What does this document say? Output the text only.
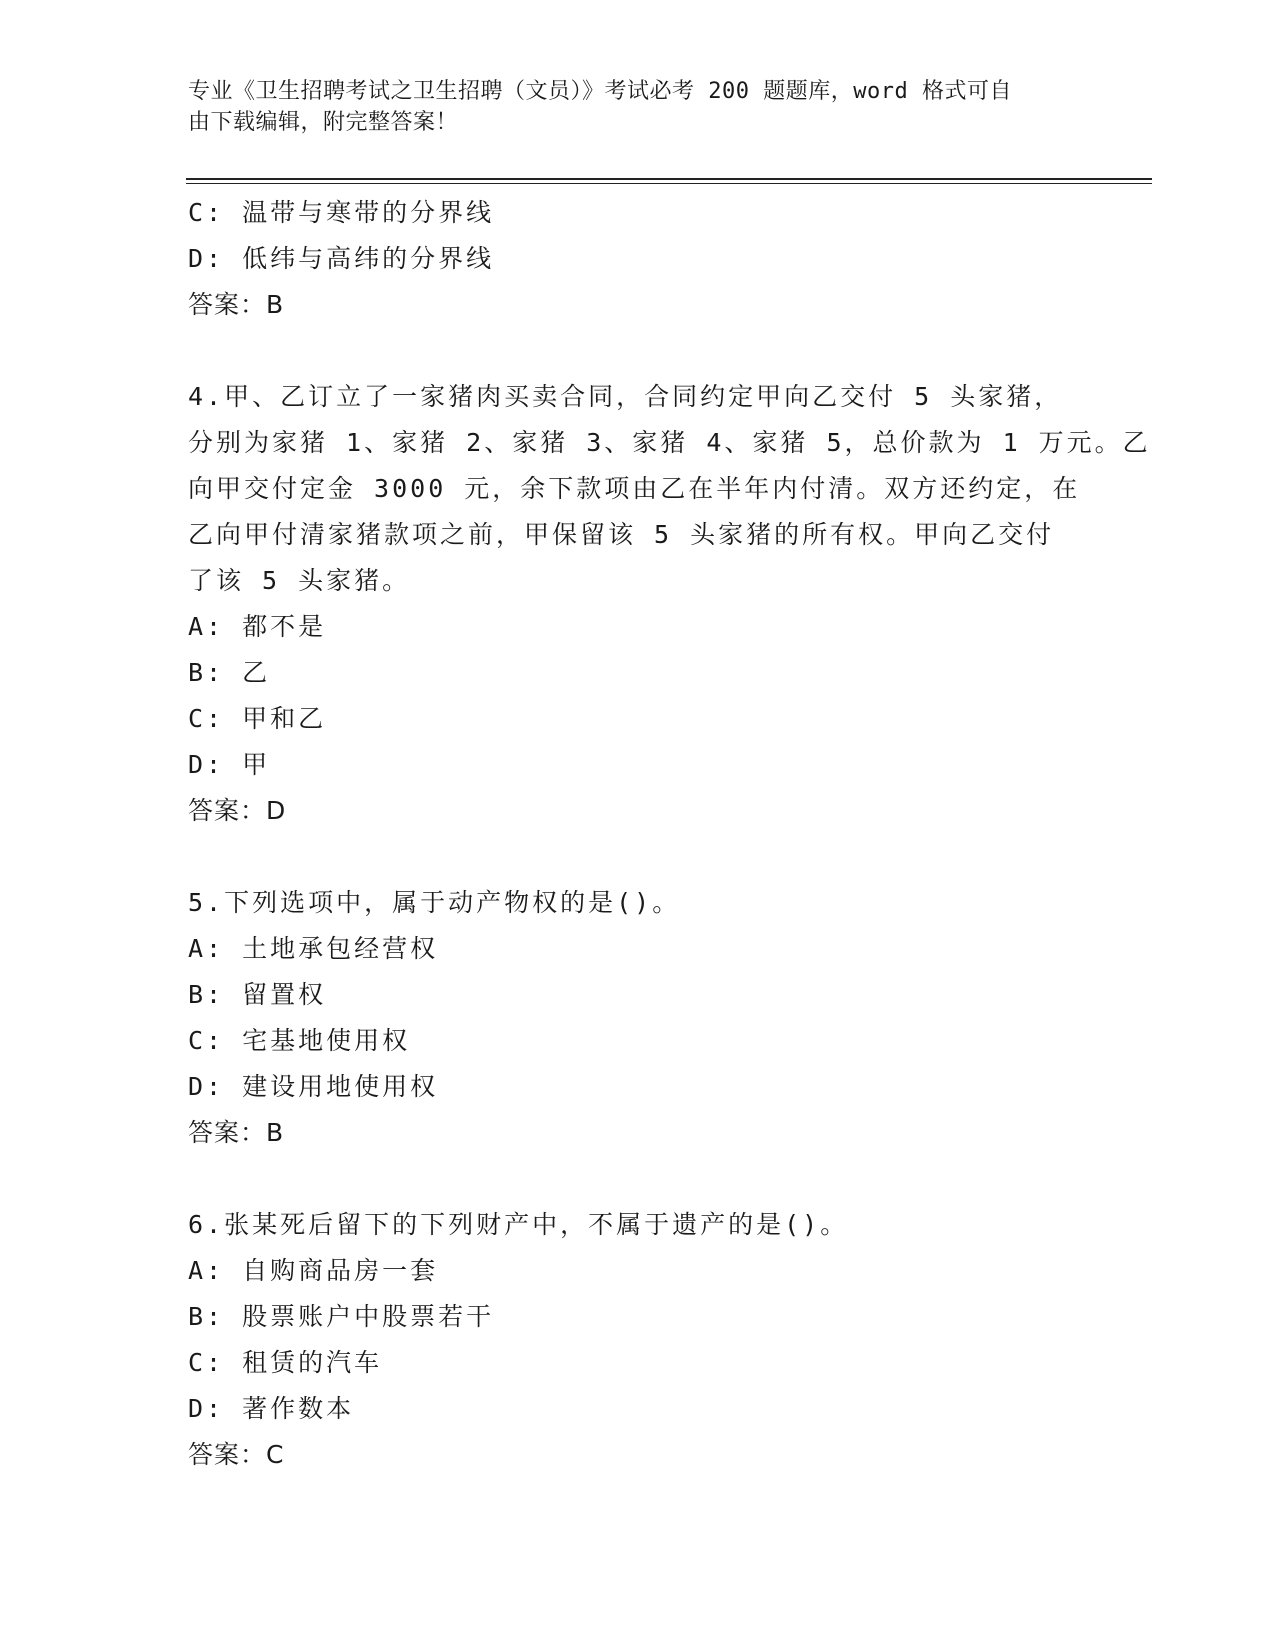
专业《卫生招聘考试之卫生招聘（文员）》考试必考 200 题题库，word 格式可自
由下载编辑，附完整答案！
C: 温带与寒带的分界线
D: 低纬与高纬的分界线
答案：B
4.甲、乙订立了一家猪肉买卖合同，合同约定甲向乙交付 5 头家猪，
分别为家猪 1、家猪 2、家猪 3、家猪 4、家猪 5，总价款为 1 万元。乙
向甲交付定金 3000 元，余下款项由乙在半年内付清。双方还约定，在
乙向甲付清家猪款项之前，甲保留该 5 头家猪的所有权。甲向乙交付
了该 5 头家猪。
A: 都不是
B: 乙
C: 甲和乙
D: 甲
答案：D
5.下列选项中，属于动产物权的是()。
A: 土地承包经营权
B: 留置权
C: 宅基地使用权
D: 建设用地使用权
答案：B
6.张某死后留下的下列财产中，不属于遗产的是()。
A: 自购商品房一套
B: 股票账户中股票若干
C: 租赁的汽车
D: 著作数本
答案：C
